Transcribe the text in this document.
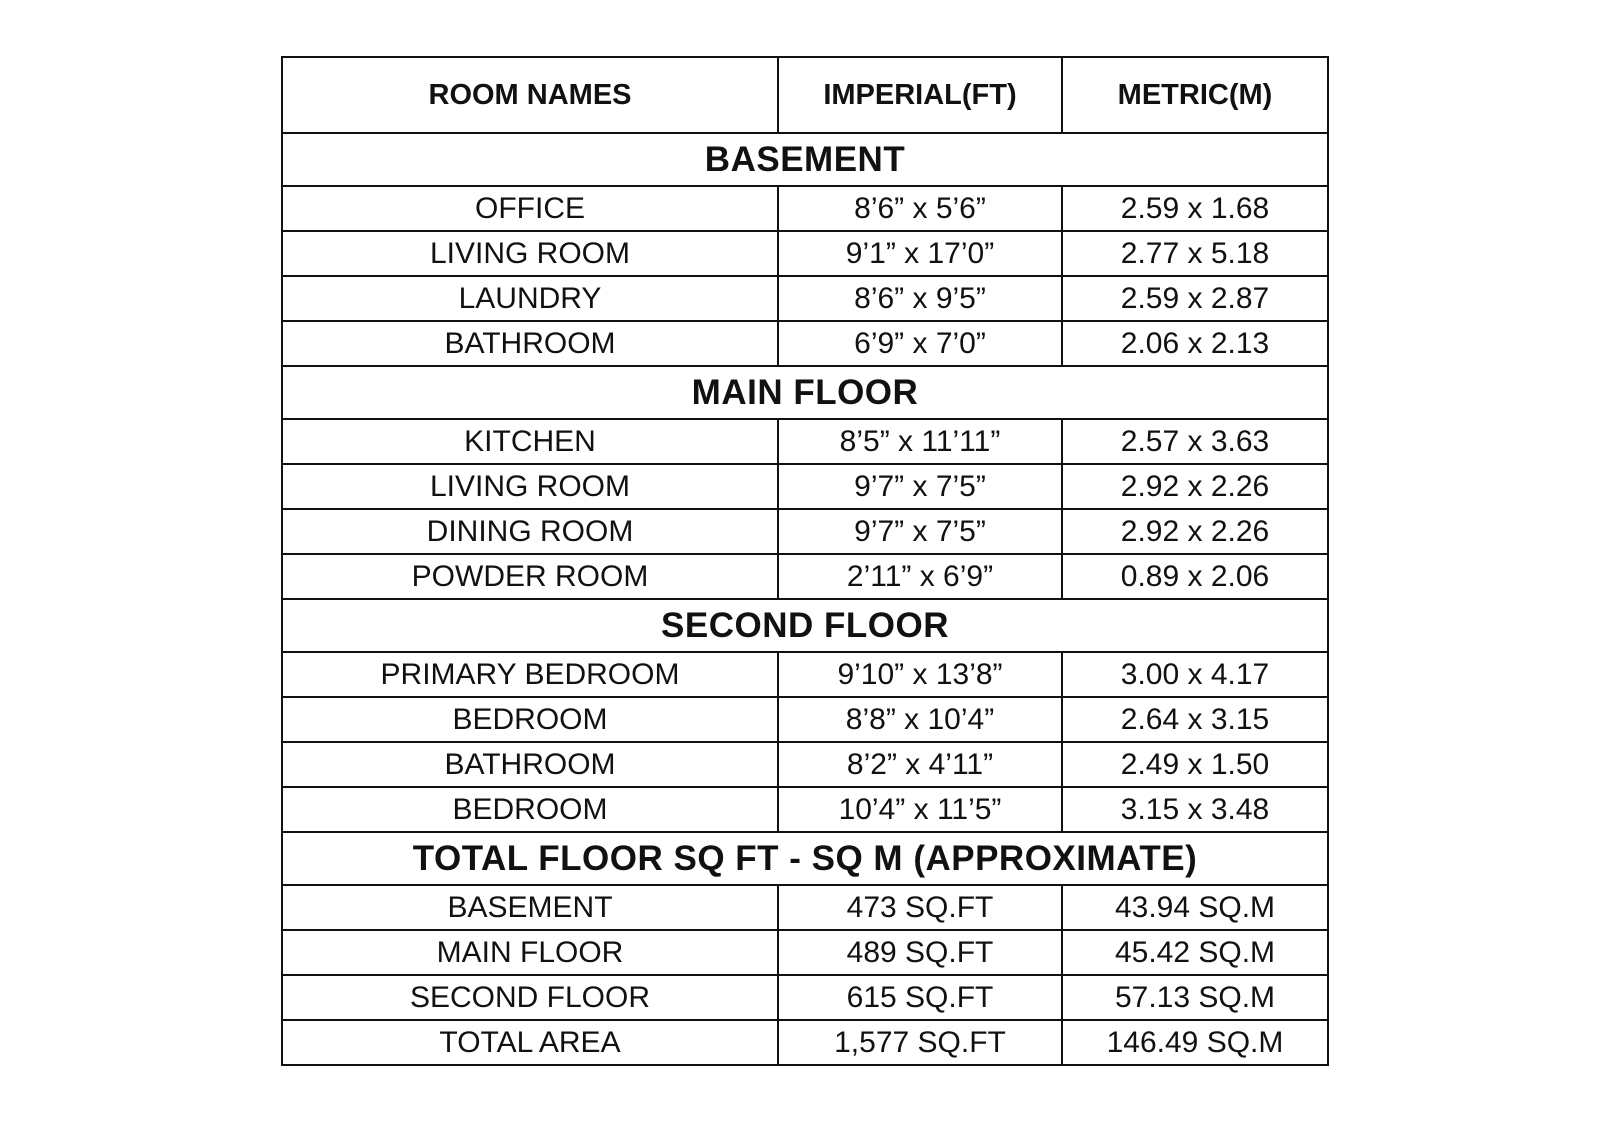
ROOM NAMES	IMPERIAL(FT)	METRIC(M)
BASEMENT		
OFFICE	8’6” x 5’6”	2.59 x 1.68
LIVING ROOM	9’1” x 17’0”	2.77 x 5.18
LAUNDRY	8’6” x 9’5”	2.59 x 2.87
BATHROOM	6’9” x 7’0”	2.06 x 2.13
MAIN FLOOR		
KITCHEN	8’5” x 11’11”	2.57 x 3.63
LIVING ROOM	9’7” x 7’5”	2.92 x 2.26
DINING ROOM	9’7” x 7’5”	2.92 x 2.26
POWDER ROOM	2’11” x 6’9”	0.89 x 2.06
SECOND FLOOR		
PRIMARY BEDROOM	9’10” x 13’8”	3.00 x 4.17
BEDROOM	8’8” x 10’4”	2.64 x 3.15
BATHROOM	8’2” x 4’11”	2.49 x 1.50
BEDROOM	10’4” x 11’5”	3.15 x 3.48
TOTAL FLOOR SQ FT - SQ M (APPROXIMATE)		
BASEMENT	473 SQ.FT	43.94 SQ.M
MAIN FLOOR	489 SQ.FT	45.42 SQ.M
SECOND FLOOR	615 SQ.FT	57.13 SQ.M
TOTAL AREA	1,577 SQ.FT	146.49 SQ.M
